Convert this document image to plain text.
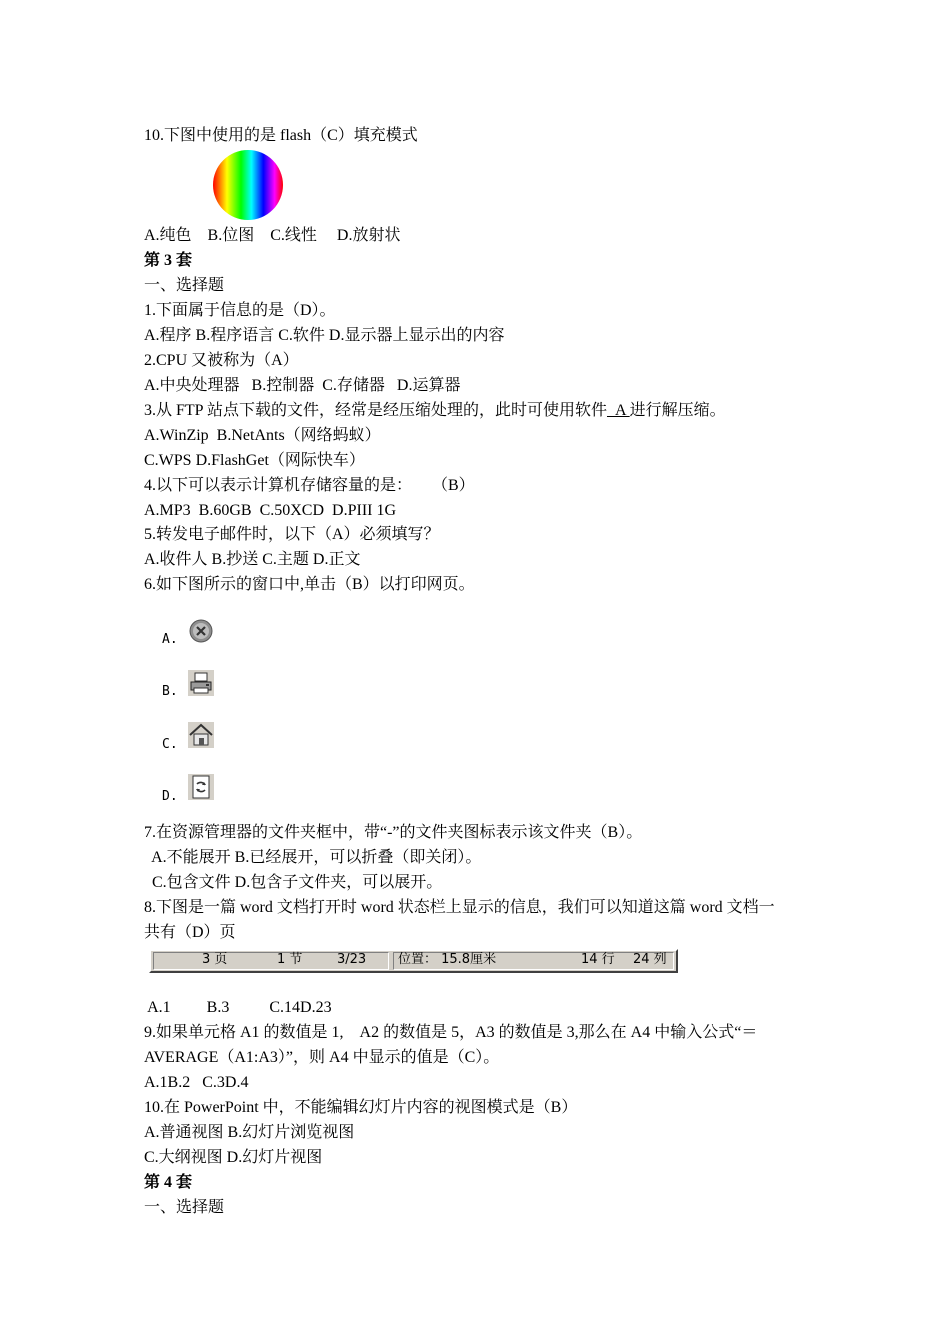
10.下图中使用的是 flash（C）填充模式
A.纯色    B.位图    C.线性     D.放射状
第 3 套
一、选择题
1.下面属于信息的是（D）。
A.程序 B.程序语言 C.软件 D.显示器上显示出的内容
2.CPU 又被称为（A）
A.中央处理器   B.控制器  C.存储器   D.运算器
3.从 FTP 站点下载的文件，经常是经压缩处理的，此时可使用软件  A 进行解压缩。
A.WinZip  B.NetAnts（网络蚂蚁）
C.WPS D.FlashGet（网际快车）
4.以下可以表示计算机存储容量的是：     （B）
A.MP3  B.60GB  C.50XCD  D.PIII 1G
5.转发电子邮件时，以下（A）必须填写？
A.收件人 B.抄送 C.主题 D.正文
6.如下图所示的窗口中,单击（B）以打印网页。
A.
B.
C.
D.
7.在资源管理器的文件夹框中，带“-”的文件夹图标表示该文件夹（B）。
A.不能展开 B.已经展开，可以折叠（即关闭）。
C.包含文件 D.包含子文件夹，可以展开。
8.下图是一篇 word 文档打开时 word 状态栏上显示的信息，我们可以知道这篇 word 文档一
共有（D）页
3 页	1 节	3/23 位置： 15.8厘米	14 行 24 列
A.1         B.3          C.14D.23
9.如果单元格 A1 的数值是 1,    A2 的数值是 5，A3 的数值是 3,那么在 A4 中输入公式“＝
AVERAGE（A1:A3）”，则 A4 中显示的值是（C）。
A.1B.2   C.3D.4
10.在 PowerPoint 中，不能编辑幻灯片内容的视图模式是（B）
A.普通视图 B.幻灯片浏览视图
C.大纲视图 D.幻灯片视图
第 4 套
一、选择题
